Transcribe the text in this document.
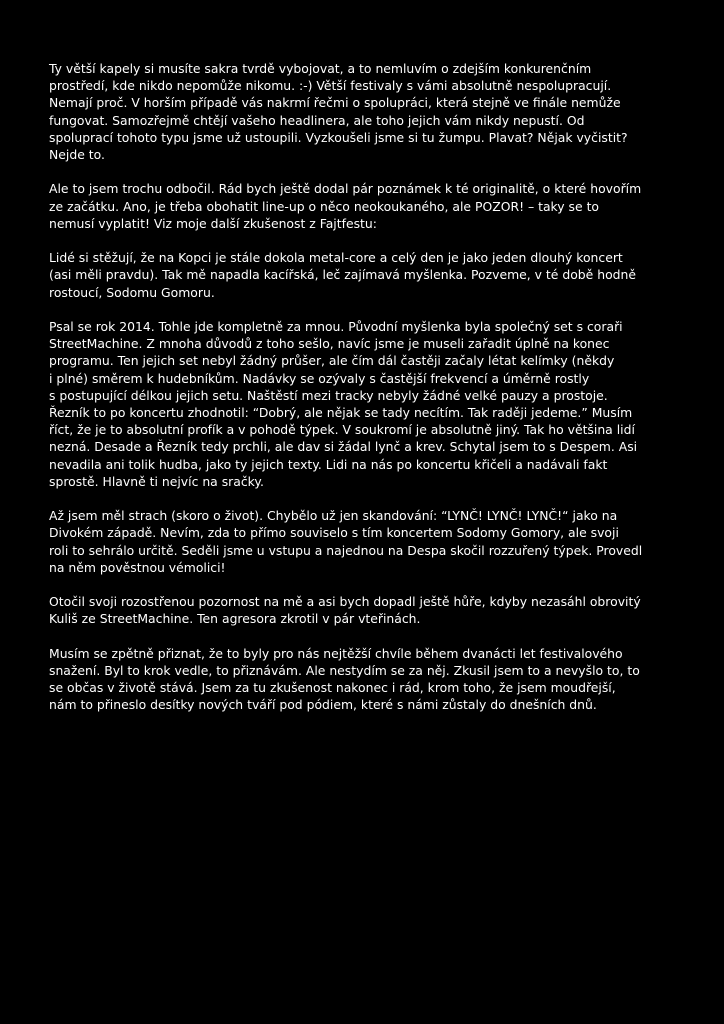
Ty větší kapely si musíte sakra tvrdě vybojovat, a to nemluvím o zdejším konkurenčním
prostředí, kde nikdo nepomůže nikomu. :-) Větší festivaly s vámi absolutně nespolupracují.
Nemají proč. V horším případě vás nakrmí řečmi o spolupráci, která stejně ve finále nemůže
fungovat. Samozřejmě chtějí vašeho headlinera, ale toho jejich vám nikdy nepustí. Od
spoluprací tohoto typu jsme už ustoupili. Vyzkoušeli jsme si tu žumpu. Plavat? Nějak vyčistit?
Nejde to.

Ale to jsem trochu odbočil. Rád bych ještě dodal pár poznámek k té originalitě, o které hovořím
ze začátku. Ano, je třeba obohatit line-up o něco neokoukaného, ale POZOR! – taky se to
nemusí vyplatit! Viz moje další zkušenost z Fajtfestu:

Lidé si stěžují, že na Kopci je stále dokola metal-core a celý den je jako jeden dlouhý koncert
(asi měli pravdu). Tak mě napadla kacířská, leč zajímavá myšlenka. Pozveme, v té době hodně
rostoucí, Sodomu Gomoru.

Psal se rok 2014. Tohle jde kompletně za mnou. Původní myšlenka byla společný set s coraři
StreetMachine. Z mnoha důvodů z toho sešlo, navíc jsme je museli zařadit úplně na konec
programu. Ten jejich set nebyl žádný průšer, ale čím dál častěji začaly létat kelímky (někdy
i plné) směrem k hudebníkům. Nadávky se ozývaly s častější frekvencí a úměrně rostly
s postupující délkou jejich setu. Naštěstí mezi tracky nebyly žádné velké pauzy a prostoje.
Řezník to po koncertu zhodnotil: “Dobrý, ale nějak se tady necítím. Tak raději jedeme.” Musím
říct, že je to absolutní profík a v pohodě týpek. V soukromí je absolutně jiný. Tak ho většina lidí
nezná. Desade a Řezník tedy prchli, ale dav si žádal lynč a krev. Schytal jsem to s Despem. Asi
nevadila ani tolik hudba, jako ty jejich texty. Lidi na nás po koncertu křičeli a nadávali fakt
sprostě. Hlavně ti nejvíc na sračky.

Až jsem měl strach (skoro o život). Chybělo už jen skandování: “LYNČ! LYNČ! LYNČ!“ jako na
Divokém západě. Nevím, zda to přímo souviselo s tím koncertem Sodomy Gomory, ale svoji
roli to sehrálo určitě. Seděli jsme u vstupu a najednou na Despa skočil rozzuřený týpek. Provedl
na něm pověstnou vémolici!

Otočil svoji rozostřenou pozornost na mě a asi bych dopadl ještě hůře, kdyby nezasáhl obrovitý
Kuliš ze StreetMachine. Ten agresora zkrotil v pár vteřinách.

Musím se zpětně přiznat, že to byly pro nás nejtěžší chvíle během dvanácti let festivalového
snažení. Byl to krok vedle, to přiznávám. Ale nestydím se za něj. Zkusil jsem to a nevyšlo to, to
se občas v životě stává. Jsem za tu zkušenost nakonec i rád, krom toho, že jsem moudřejší,
nám to přineslo desítky nových tváří pod pódiem, které s námi zůstaly do dnešních dnů.
